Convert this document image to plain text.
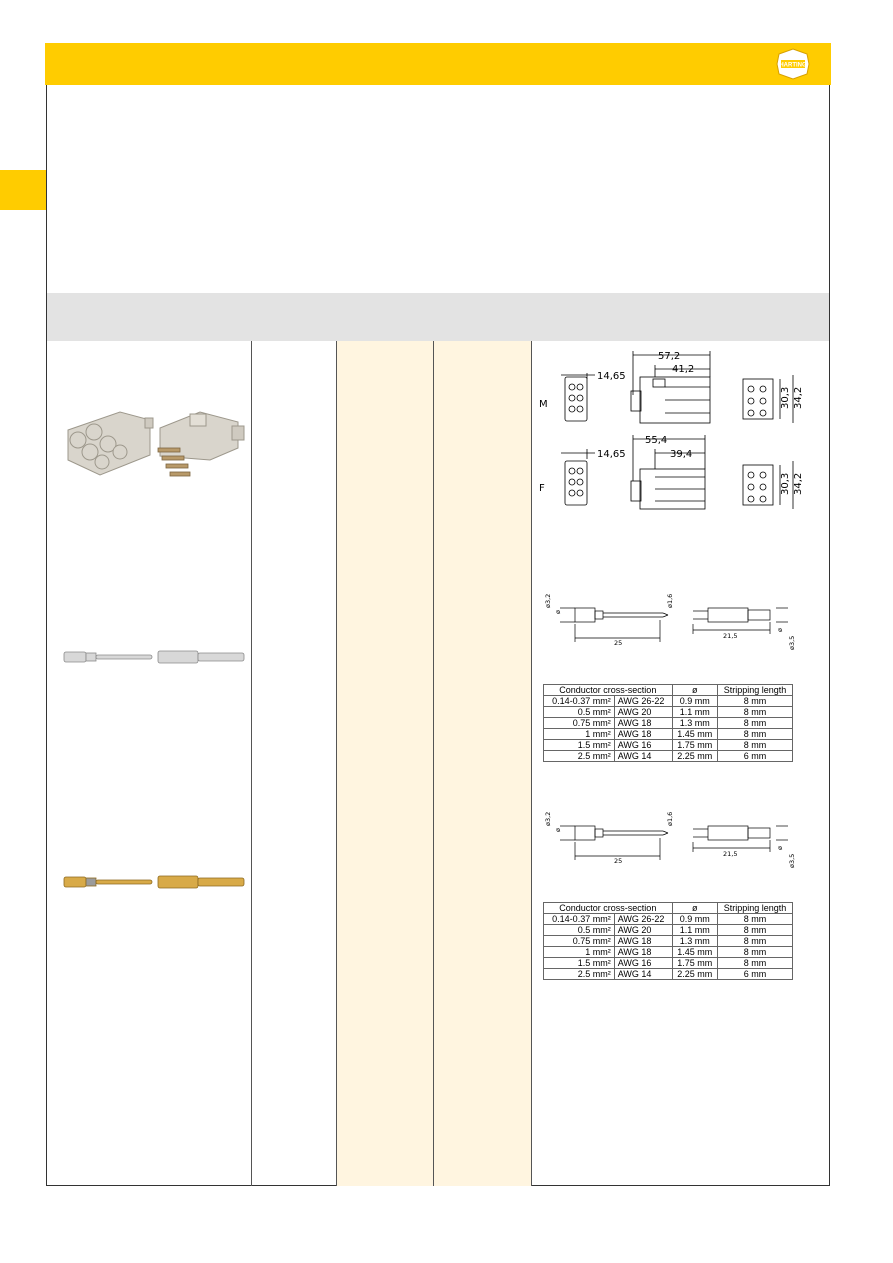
HARTING
M
F
14,65
57,2
41,2
30,3 34,2
14,65
55,4
39,4
30,3 34,2
ø3,2
ø
ø1,6
25
21,5
ø
ø3,5
ø3,2
ø
ø1,6
25
21,5
ø
ø3,5
Conductor cross-section		ø	Stripping length
0.14-0.37 mm²	AWG 26-22	0.9 mm	8 mm
0.5 mm²	AWG 20	1.1 mm	8 mm
0.75 mm²	AWG 18	1.3 mm	8 mm
1 mm²	AWG 18	1.45 mm	8 mm
1.5 mm²	AWG 16	1.75 mm	8 mm
2.5 mm²	AWG 14	2.25 mm	6 mm
Conductor cross-section		ø	Stripping length
0.14-0.37 mm²	AWG 26-22	0.9 mm	8 mm
0.5 mm²	AWG 20	1.1 mm	8 mm
0.75 mm²	AWG 18	1.3 mm	8 mm
1 mm²	AWG 18	1.45 mm	8 mm
1.5 mm²	AWG 16	1.75 mm	8 mm
2.5 mm²	AWG 14	2.25 mm	6 mm
